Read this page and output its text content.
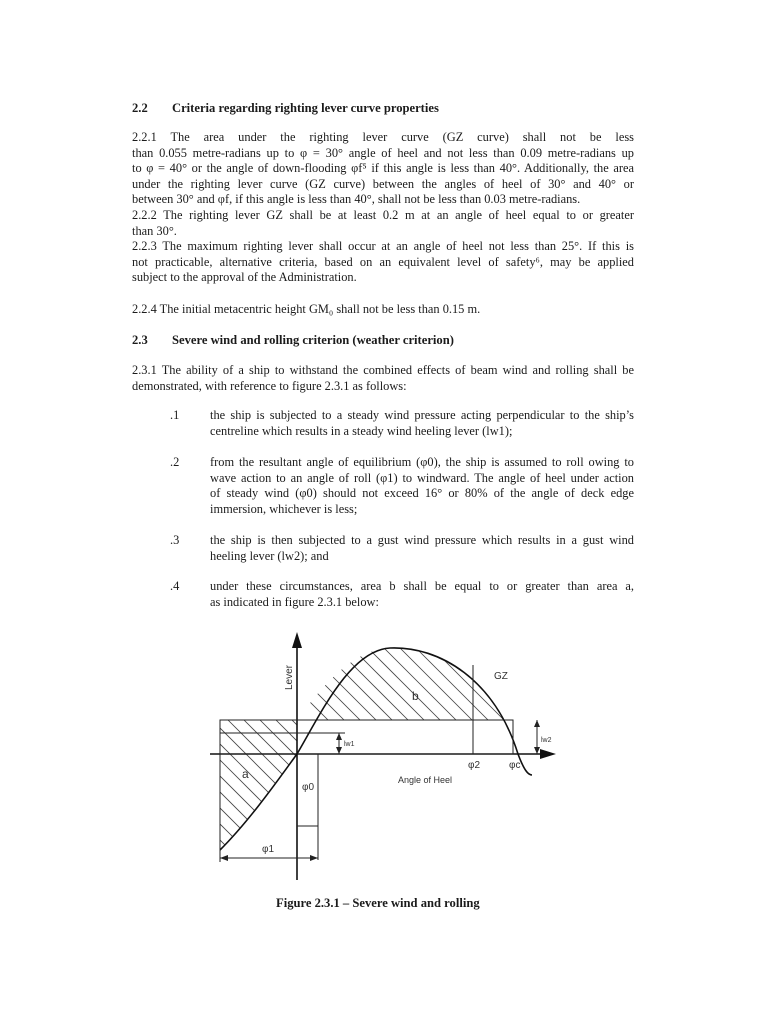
2.2 Criteria regarding righting lever curve properties
2.2.1 The area under the righting lever curve (GZ curve) shall not be less
than 0.055 metre-radians up to φ = 30° angle of heel and not less than 0.09 metre-radians up
to φ = 40° or the angle of down-flooding φf⁵ if this angle is less than 40°. Additionally, the area
under the righting lever curve (GZ curve) between the angles of heel of 30° and 40° or
between 30° and φf, if this angle is less than 40°, shall not be less than 0.03 metre-radians.
2.2.2 The righting lever GZ shall be at least 0.2 m at an angle of heel equal to or greater
than 30°.
2.2.3 The maximum righting lever shall occur at an angle of heel not less than 25°. If this is
not practicable, alternative criteria, based on an equivalent level of safety⁶, may be applied
subject to the approval of the Administration.
2.2.4 The initial metacentric height GM₀ shall not be less than 0.15 m.
2.3 Severe wind and rolling criterion (weather criterion)
2.3.1 The ability of a ship to withstand the combined effects of beam wind and rolling shall be
demonstrated, with reference to figure 2.3.1 as follows:
.1 the ship is subjected to a steady wind pressure acting perpendicular to the ship’s
centreline which results in a steady wind heeling lever (lw1);
.2 from the resultant angle of equilibrium (φ0), the ship is assumed to roll owing to
wave action to an angle of roll (φ1) to windward. The angle of heel under action
of steady wind (φ0) should not exceed 16° or 80% of the angle of deck edge
immersion, whichever is less;
.3 the ship is then subjected to a gust wind pressure which results in a gust wind
heeling lever (lw2); and
.4 under these circumstances, area b shall be equal to or greater than area a,
as indicated in figure 2.3.1 below:
Lever
Angle of Heel
GZ
b
a
lw1
lw2
φ0
φ1
φ2	φc
Figure 2.3.1 – Severe wind and rolling
